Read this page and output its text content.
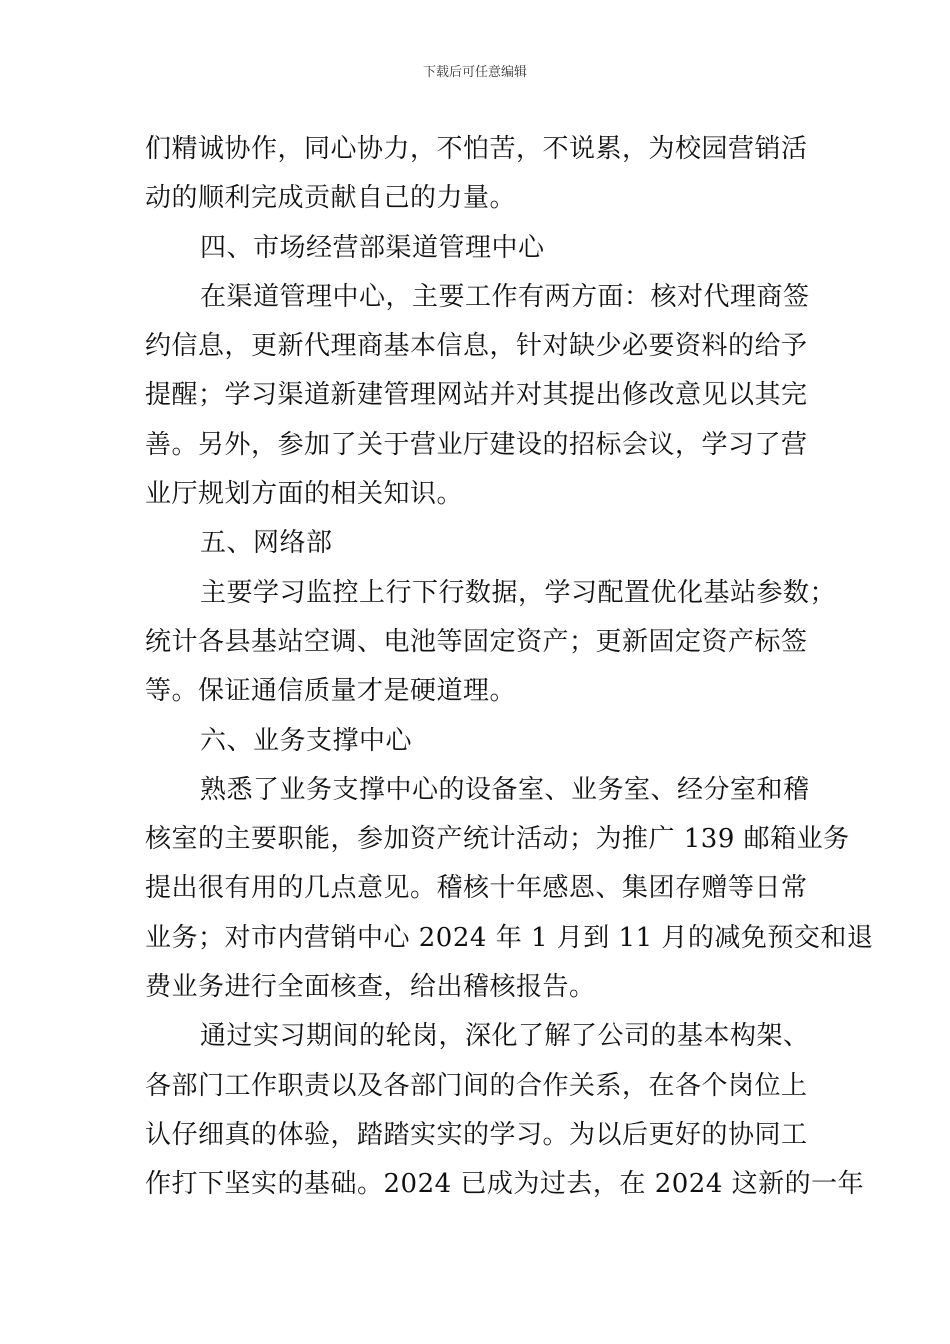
下载后可任意编辑
们精诚协作，同心协力，不怕苦，不说累，为校园营销活
动的顺利完成贡献自己的力量。
四、市场经营部渠道管理中心
在渠道管理中心，主要工作有两方面：核对代理商签
约信息，更新代理商基本信息，针对缺少必要资料的给予
提醒；学习渠道新建管理网站并对其提出修改意见以其完
善。另外，参加了关于营业厅建设的招标会议，学习了营
业厅规划方面的相关知识。
五、网络部
主要学习监控上行下行数据，学习配置优化基站参数；
统计各县基站空调、电池等固定资产；更新固定资产标签
等。保证通信质量才是硬道理。
六、业务支撑中心
熟悉了业务支撑中心的设备室、业务室、经分室和稽
核室的主要职能，参加资产统计活动；为推广 139 邮箱业务
提出很有用的几点意见。稽核十年感恩、集团存赠等日常
业务；对市内营销中心 2024 年 1 月到 11 月的减免预交和退
费业务进行全面核查，给出稽核报告。
通过实习期间的轮岗，深化了解了公司的基本构架、
各部门工作职责以及各部门间的合作关系，在各个岗位上
认仔细真的体验，踏踏实实的学习。为以后更好的协同工
作打下坚实的基础。2024 已成为过去，在 2024 这新的一年
